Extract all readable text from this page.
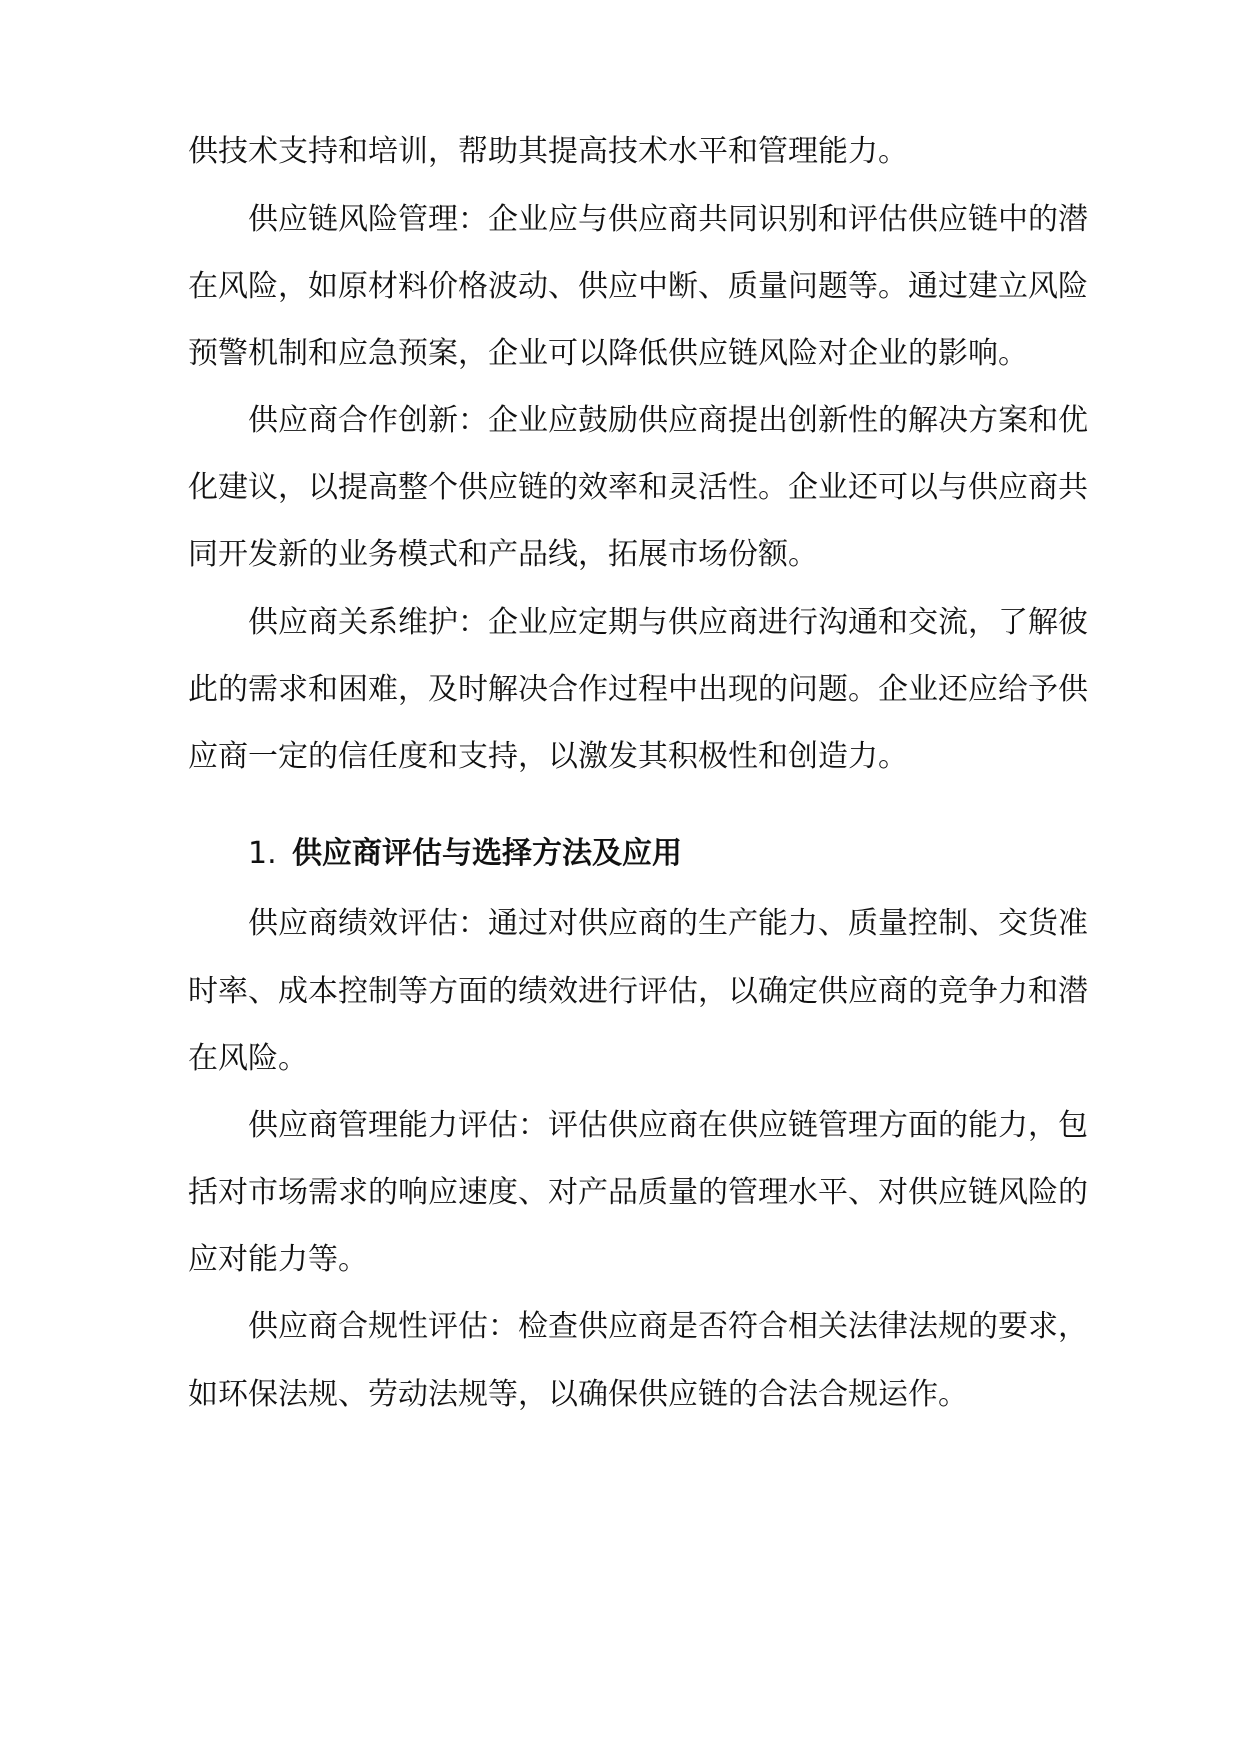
供技术支持和培训，帮助其提高技术水平和管理能力。
供应链风险管理：企业应与供应商共同识别和评估供应链中的潜
在风险，如原材料价格波动、供应中断、质量问题等。通过建立风险
预警机制和应急预案，企业可以降低供应链风险对企业的影响。
供应商合作创新：企业应鼓励供应商提出创新性的解决方案和优
化建议，以提高整个供应链的效率和灵活性。企业还可以与供应商共
同开发新的业务模式和产品线，拓展市场份额。
供应商关系维护：企业应定期与供应商进行沟通和交流，了解彼
此的需求和困难，及时解决合作过程中出现的问题。企业还应给予供
应商一定的信任度和支持，以激发其积极性和创造力。
1. 供应商评估与选择方法及应用
供应商绩效评估：通过对供应商的生产能力、质量控制、交货准
时率、成本控制等方面的绩效进行评估，以确定供应商的竞争力和潜
在风险。
供应商管理能力评估：评估供应商在供应链管理方面的能力，包
括对市场需求的响应速度、对产品质量的管理水平、对供应链风险的
应对能力等。
供应商合规性评估：检查供应商是否符合相关法律法规的要求，
如环保法规、劳动法规等，以确保供应链的合法合规运作。
